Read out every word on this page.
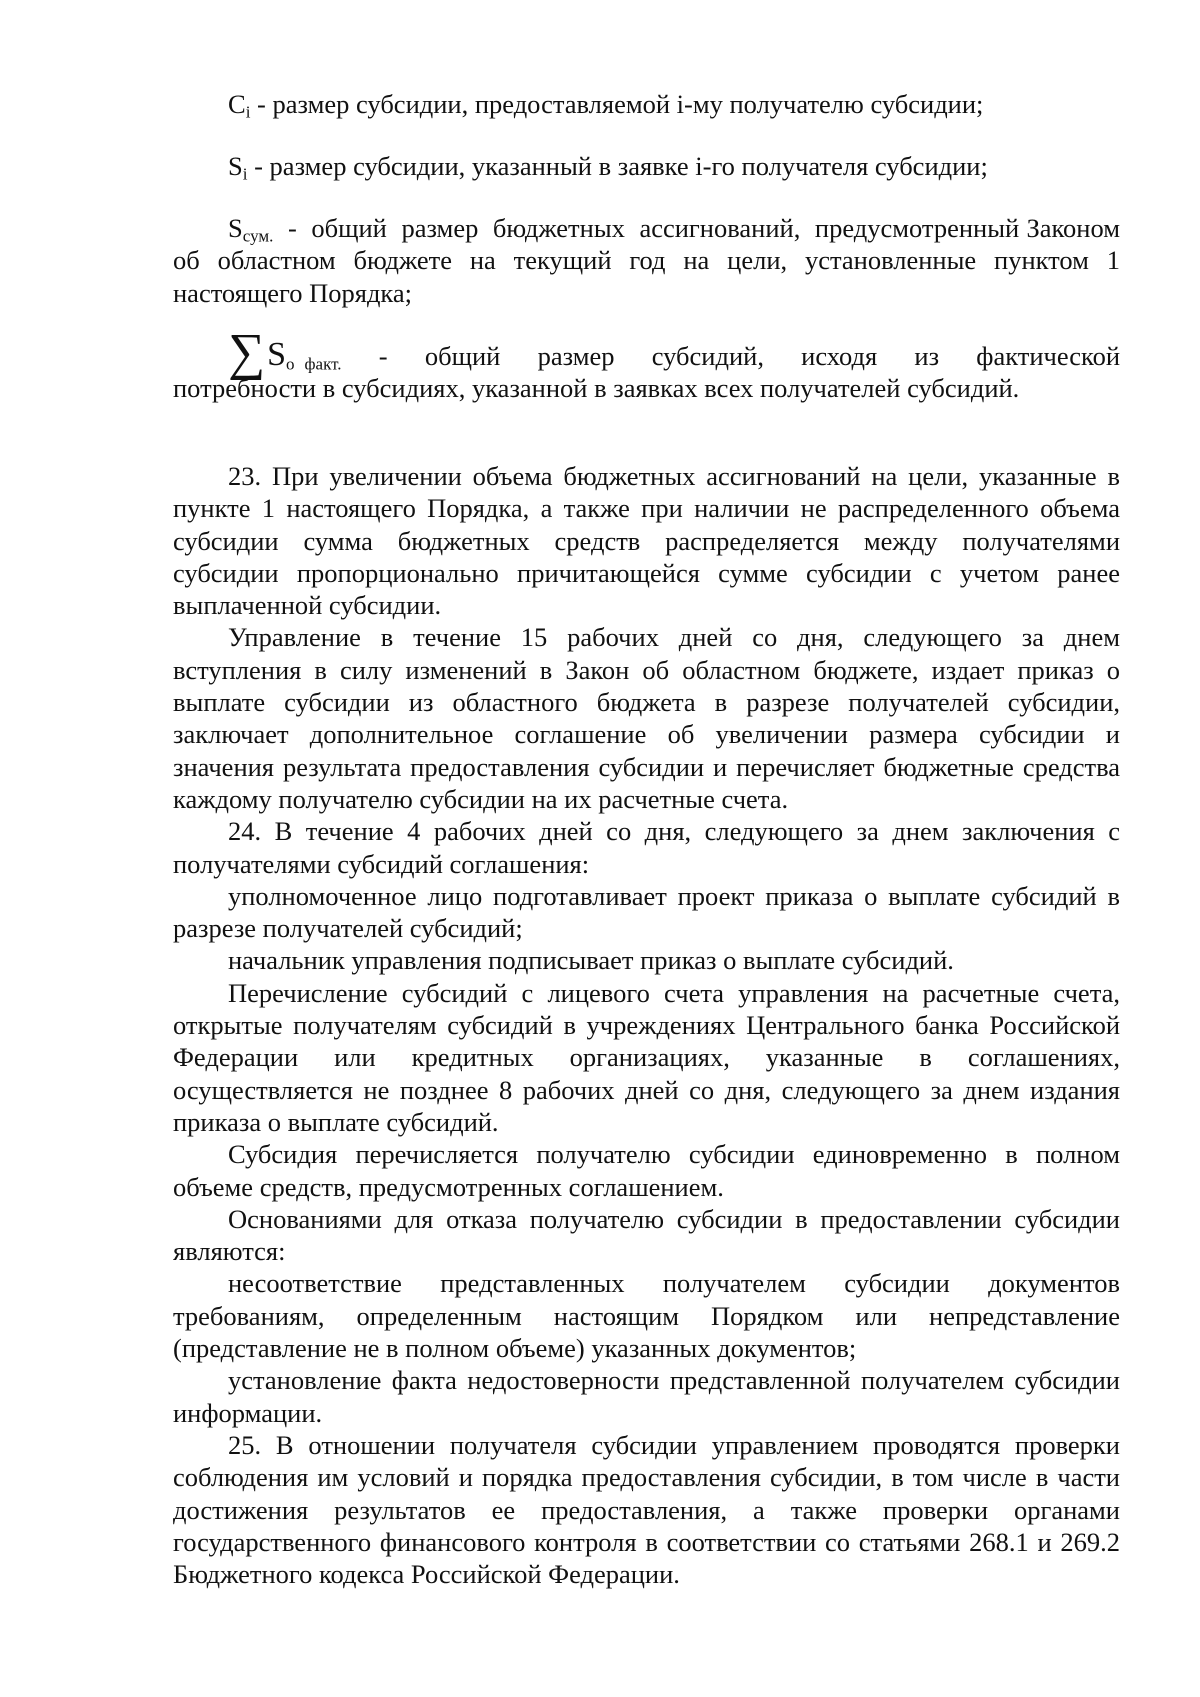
$C_i$ - размер субсидии, предоставляемой i-му получателю субсидии;

$S_i$ - размер субсидии, указанный в заявке i-го получателя субсидии;

$S_{сум.}$  -  общий  размер  бюджетных  ассигнований,  предусмотренный Законом об областном бюджете на текущий год на цели, установленные пунктом 1 настоящего Порядка;

$\sum S_{о факт.}$   -   общий   размер   субсидий,   исходя   из   фактической потребности в субсидиях, указанной в заявках всех получателей субсидий.

23. При увеличении объема бюджетных ассигнований на цели, указанные в пункте 1 настоящего Порядка, а также при наличии не распределенного объема субсидии сумма бюджетных средств распределяется между получателями субсидии пропорционально причитающейся сумме субсидии с учетом ранее выплаченной субсидии.

Управление в течение 15 рабочих дней со дня, следующего за днем вступления в силу изменений в Закон об областном бюджете, издает приказ о выплате субсидии из областного бюджета в разрезе получателей субсидии, заключает дополнительное соглашение об увеличении размера субсидии и значения результата предоставления субсидии и перечисляет бюджетные средства каждому получателю субсидии на их расчетные счета.

24. В течение 4 рабочих дней со дня, следующего за днем заключения с получателями субсидий соглашения:

уполномоченное лицо подготавливает проект приказа о выплате субсидий в разрезе получателей субсидий;

начальник управления подписывает приказ о выплате субсидий.

Перечисление субсидий с лицевого счета управления на расчетные счета, открытые получателям субсидий в учреждениях Центрального банка Российской Федерации или кредитных организациях, указанные в соглашениях, осуществляется не позднее 8 рабочих дней со дня, следующего за днем издания приказа о выплате субсидий.

Субсидия перечисляется получателю субсидии единовременно в полном объеме средств, предусмотренных соглашением.

Основаниями для отказа получателю субсидии в предоставлении субсидии являются:

несоответствие представленных получателем субсидии документов требованиям, определенным настоящим Порядком или непредставление (представление не в полном объеме) указанных документов;

установление факта недостоверности представленной получателем субсидии информации.

25. В отношении получателя субсидии управлением проводятся проверки соблюдения им условий и порядка предоставления субсидии, в том числе в части достижения результатов ее предоставления, а также проверки органами государственного финансового контроля в соответствии со статьями 268.1 и 269.2 Бюджетного кодекса Российской Федерации.
